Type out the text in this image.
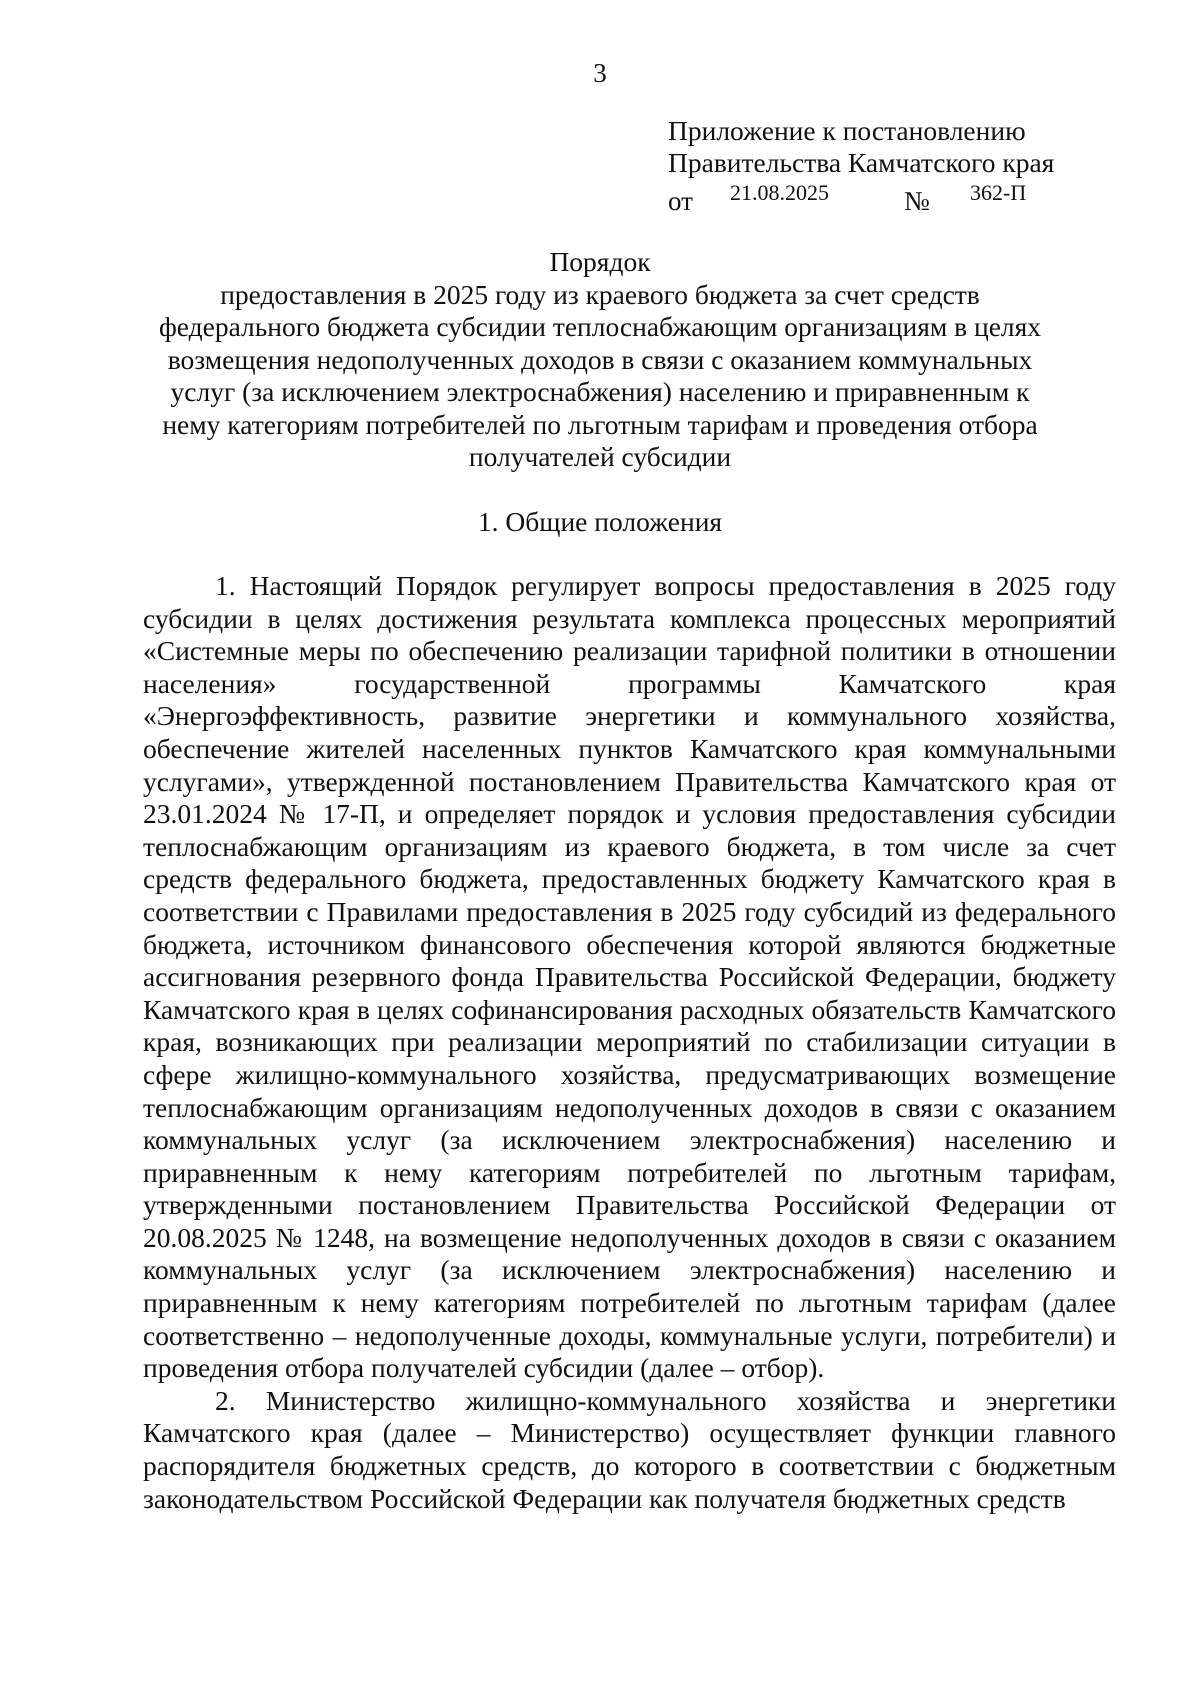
3
Приложение к постановлению
Правительства Камчатского края
от 21.08.2025	№ 362-П
Порядок
предоставления в 2025 году из краевого бюджета за счет средств
федерального бюджета субсидии теплоснабжающим организациям в целях
возмещения недополученных доходов в связи с оказанием коммунальных
услуг (за исключением электроснабжения) населению и приравненным к
нему категориям потребителей по льготным тарифам и проведения отбора
получателей субсидии
1. Общие положения

1. Настоящий Порядок регулирует вопросы предоставления в 2025 году субсидии в целях достижения результата комплекса процессных мероприятий «Системные меры по обеспечению реализации тарифной политики в отношении населения» государственной программы Камчатского края «Энергоэффективность, развитие энергетики и коммунального хозяйства, обеспечение жителей населенных пунктов Камчатского края коммунальными услугами», утвержденной постановлением Правительства Камчатского края от 23.01.2024 № 17-П, и определяет порядок и условия предоставления субсидии теплоснабжающим организациям из краевого бюджета, в том числе за счет средств федерального бюджета, предоставленных бюджету Камчатского края в соответствии с Правилами предоставления в 2025 году субсидий из федерального бюджета, источником финансового обеспечения которой являются бюджетные ассигнования резервного фонда Правительства Российской Федерации, бюджету Камчатского края в целях софинансирования расходных обязательств Камчатского края, возникающих при реализации мероприятий по стабилизации ситуации в сфере жилищно-коммунального хозяйства, предусматривающих возмещение теплоснабжающим организациям недополученных доходов в связи с оказанием коммунальных услуг (за исключением электроснабжения) населению и приравненным к нему категориям потребителей по льготным тарифам, утвержденными постановлением Правительства Российской Федерации от 20.08.2025 № 1248, на возмещение недополученных доходов в связи с оказанием коммунальных услуг (за исключением электроснабжения) населению и приравненным к нему категориям потребителей по льготным тарифам (далее соответственно – недополученные доходы, коммунальные услуги, потребители) и проведения отбора получателей субсидии (далее – отбор).

2. Министерство жилищно-коммунального хозяйства и энергетики Камчатского края (далее – Министерство) осуществляет функции главного распорядителя бюджетных средств, до которого в соответствии с бюджетным законодательством Российской Федерации как получателя бюджетных средств
